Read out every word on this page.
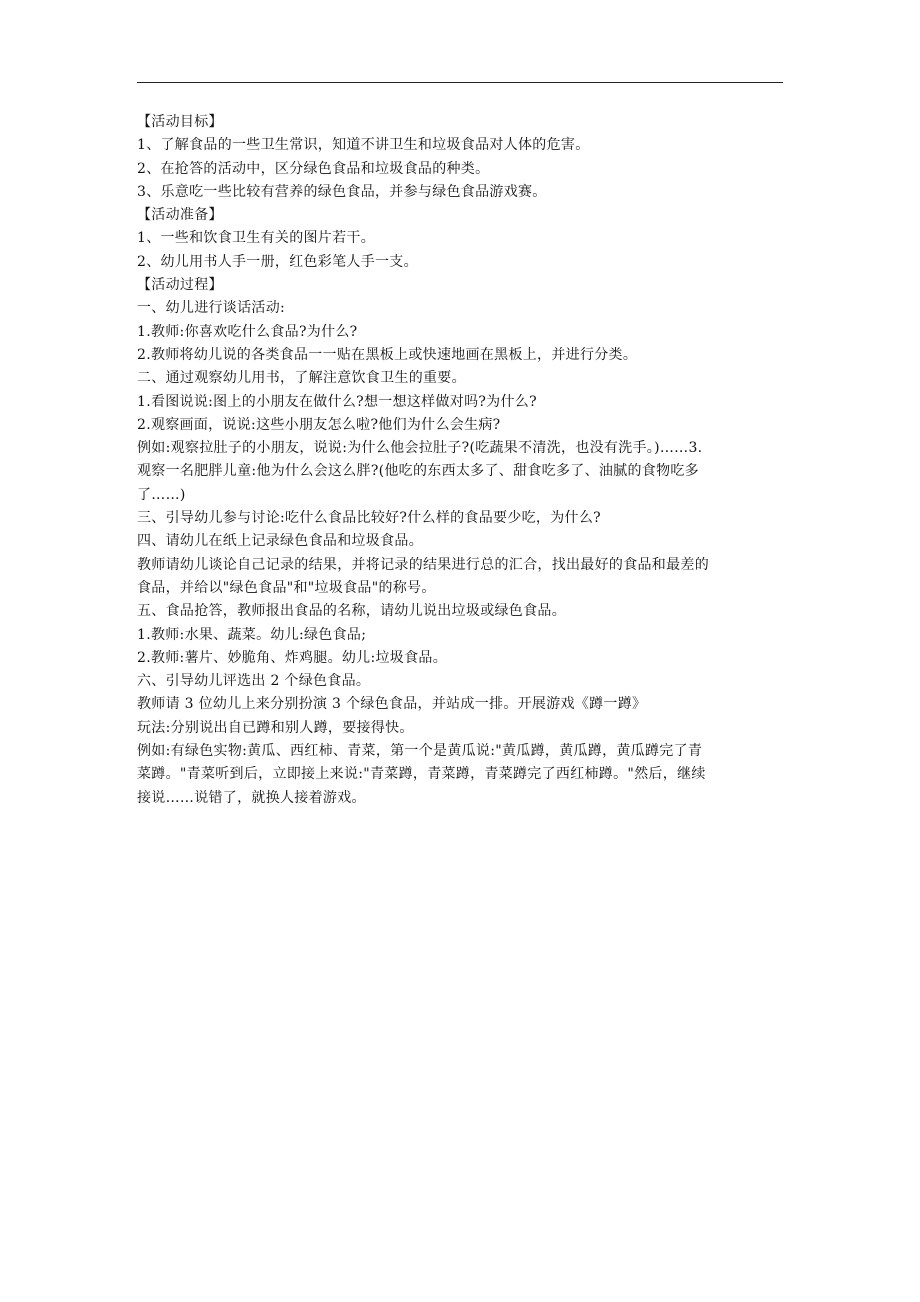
【活动目标】
1、了解食品的一些卫生常识，知道不讲卫生和垃圾食品对人体的危害。
2、在抢答的活动中，区分绿色食品和垃圾食品的种类。
3、乐意吃一些比较有营养的绿色食品，并参与绿色食品游戏赛。
【活动准备】
1、一些和饮食卫生有关的图片若干。
2、幼儿用书人手一册，红色彩笔人手一支。
【活动过程】
一、幼儿进行谈话活动:
1.教师:你喜欢吃什么食品?为什么?
2.教师将幼儿说的各类食品一一贴在黑板上或快速地画在黑板上，并进行分类。
二、通过观察幼儿用书，了解注意饮食卫生的重要。
1.看图说说:图上的小朋友在做什么?想一想这样做对吗?为什么?
2.观察画面，说说:这些小朋友怎么啦?他们为什么会生病?
例如:观察拉肚子的小朋友，说说:为什么他会拉肚子?(吃蔬果不清洗，也没有洗手。)……3.
观察一名肥胖儿童:他为什么会这么胖?(他吃的东西太多了、甜食吃多了、油腻的食物吃多
了……)
三、引导幼儿参与讨论:吃什么食品比较好?什么样的食品要少吃，为什么?
四、请幼儿在纸上记录绿色食品和垃圾食品。
教师请幼儿谈论自己记录的结果，并将记录的结果进行总的汇合，找出最好的食品和最差的
食品，并给以"绿色食品"和"垃圾食品"的称号。
五、食品抢答，教师报出食品的名称，请幼儿说出垃圾或绿色食品。
1.教师:水果、蔬菜。幼儿:绿色食品;
2.教师:薯片、妙脆角、炸鸡腿。幼儿:垃圾食品。
六、引导幼儿评选出 2 个绿色食品。
教师请 3 位幼儿上来分别扮演 3 个绿色食品，并站成一排。开展游戏《蹲一蹲》
玩法:分别说出自已蹲和别人蹲，要接得快。
例如:有绿色实物:黄瓜、西红柿、青菜，第一个是黄瓜说:"黄瓜蹲，黄瓜蹲，黄瓜蹲完了青
菜蹲。"青菜听到后，立即接上来说:"青菜蹲，青菜蹲，青菜蹲完了西红柿蹲。"然后，继续
接说……说错了，就换人接着游戏。
